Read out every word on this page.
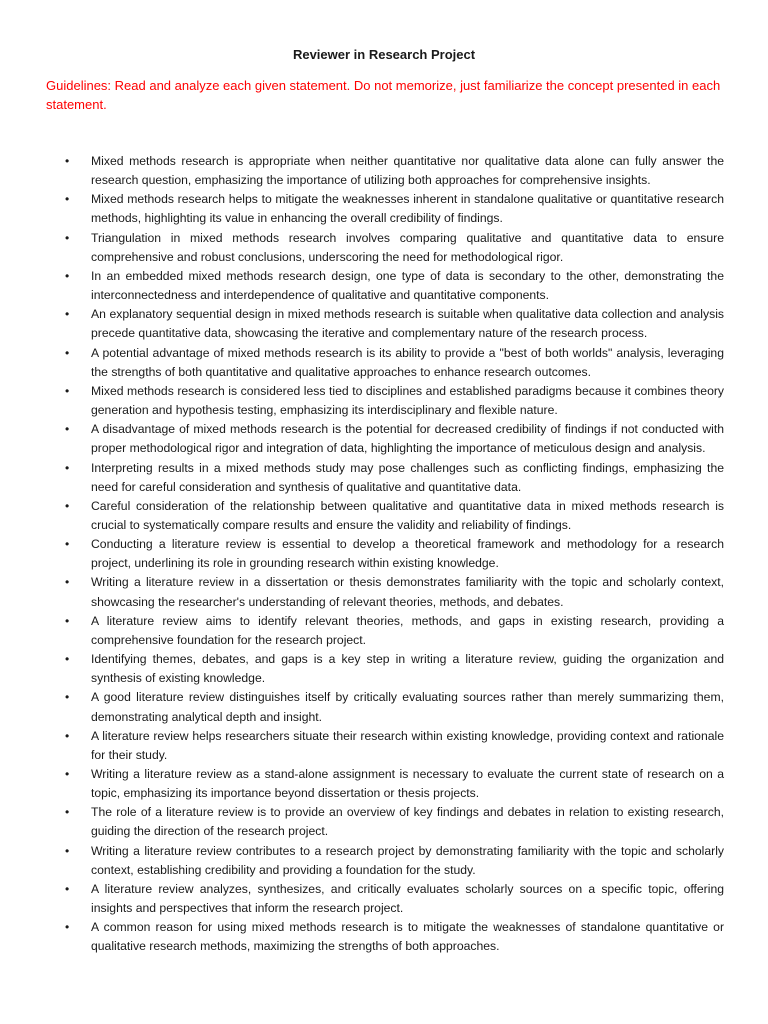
Reviewer in Research Project

Guidelines: Read and analyze each given statement. Do not memorize, just familiarize the concept presented in each statement.

• Mixed methods research is appropriate when neither quantitative nor qualitative data alone can fully answer the research question, emphasizing the importance of utilizing both approaches for comprehensive insights.
• Mixed methods research helps to mitigate the weaknesses inherent in standalone qualitative or quantitative research methods, highlighting its value in enhancing the overall credibility of findings.
• Triangulation in mixed methods research involves comparing qualitative and quantitative data to ensure comprehensive and robust conclusions, underscoring the need for methodological rigor.
• In an embedded mixed methods research design, one type of data is secondary to the other, demonstrating the interconnectedness and interdependence of qualitative and quantitative components.
• An explanatory sequential design in mixed methods research is suitable when qualitative data collection and analysis precede quantitative data, showcasing the iterative and complementary nature of the research process.
• A potential advantage of mixed methods research is its ability to provide a "best of both worlds" analysis, leveraging the strengths of both quantitative and qualitative approaches to enhance research outcomes.
• Mixed methods research is considered less tied to disciplines and established paradigms because it combines theory generation and hypothesis testing, emphasizing its interdisciplinary and flexible nature.
• A disadvantage of mixed methods research is the potential for decreased credibility of findings if not conducted with proper methodological rigor and integration of data, highlighting the importance of meticulous design and analysis.
• Interpreting results in a mixed methods study may pose challenges such as conflicting findings, emphasizing the need for careful consideration and synthesis of qualitative and quantitative data.
• Careful consideration of the relationship between qualitative and quantitative data in mixed methods research is crucial to systematically compare results and ensure the validity and reliability of findings.
• Conducting a literature review is essential to develop a theoretical framework and methodology for a research project, underlining its role in grounding research within existing knowledge.
• Writing a literature review in a dissertation or thesis demonstrates familiarity with the topic and scholarly context, showcasing the researcher's understanding of relevant theories, methods, and debates.
• A literature review aims to identify relevant theories, methods, and gaps in existing research, providing a comprehensive foundation for the research project.
• Identifying themes, debates, and gaps is a key step in writing a literature review, guiding the organization and synthesis of existing knowledge.
• A good literature review distinguishes itself by critically evaluating sources rather than merely summarizing them, demonstrating analytical depth and insight.
• A literature review helps researchers situate their research within existing knowledge, providing context and rationale for their study.
• Writing a literature review as a stand-alone assignment is necessary to evaluate the current state of research on a topic, emphasizing its importance beyond dissertation or thesis projects.
• The role of a literature review is to provide an overview of key findings and debates in relation to existing research, guiding the direction of the research project.
• Writing a literature review contributes to a research project by demonstrating familiarity with the topic and scholarly context, establishing credibility and providing a foundation for the study.
• A literature review analyzes, synthesizes, and critically evaluates scholarly sources on a specific topic, offering insights and perspectives that inform the research project.
• A common reason for using mixed methods research is to mitigate the weaknesses of standalone quantitative or qualitative research methods, maximizing the strengths of both approaches.
